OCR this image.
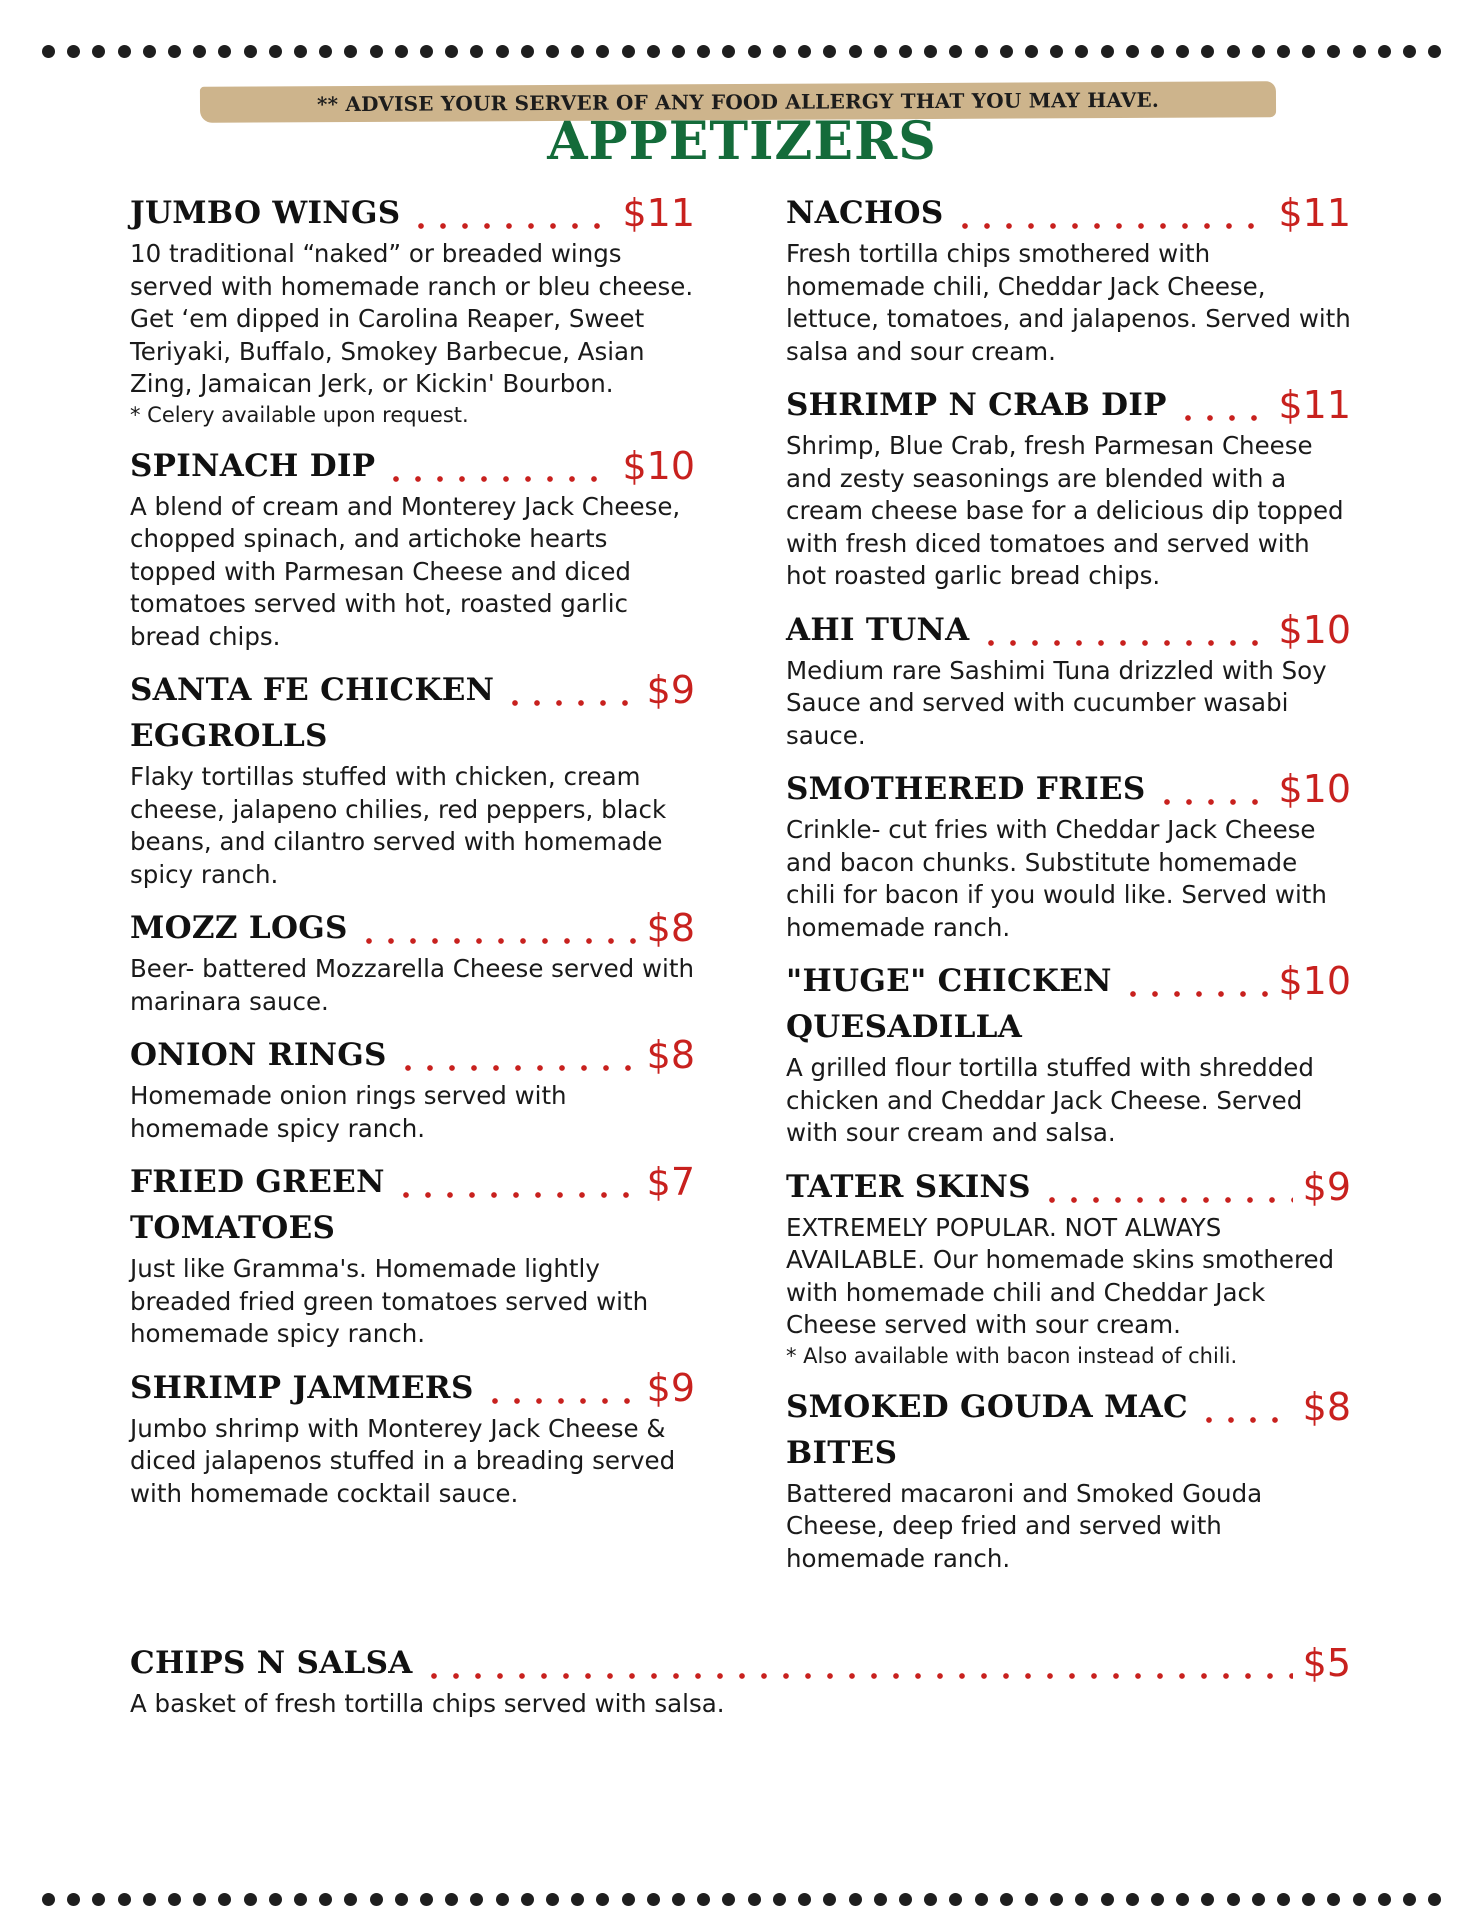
** ADVISE YOUR SERVER OF ANY FOOD ALLERGY THAT YOU MAY HAVE.
APPETIZERS
JUMBO WINGS	$11

10 traditional “naked” or breaded wings served with homemade ranch or bleu cheese. Get ‘em dipped in Carolina Reaper, Sweet Teriyaki, Buffalo, Smokey Barbecue, Asian Zing, Jamaican Jerk, or Kickin' Bourbon.

* Celery available upon request.

SPINACH DIP	$10

A blend of cream and Monterey Jack Cheese, chopped spinach, and artichoke hearts topped with Parmesan Cheese and diced tomatoes served with hot, roasted garlic bread chips.

SANTA FE CHICKEN	$9
EGGROLLS

Flaky tortillas stuffed with chicken, cream cheese, jalapeno chilies, red peppers, black beans, and cilantro served with homemade spicy ranch.

MOZZ LOGS	$8

Beer- battered Mozzarella Cheese served with marinara sauce.

ONION RINGS	$8

Homemade onion rings served with homemade spicy ranch.

FRIED GREEN	$7
TOMATOES

Just like Gramma's. Homemade lightly breaded fried green tomatoes served with homemade spicy ranch.

SHRIMP JAMMERS	$9

Jumbo shrimp with Monterey Jack Cheese & diced jalapenos stuffed in a breading served with homemade cocktail sauce.

NACHOS	$11

Fresh tortilla chips smothered with homemade chili, Cheddar Jack Cheese, lettuce, tomatoes, and jalapenos. Served with salsa and sour cream.

SHRIMP N CRAB DIP	$11

Shrimp, Blue Crab, fresh Parmesan Cheese and zesty seasonings are blended with a cream cheese base for a delicious dip topped with fresh diced tomatoes and served with hot roasted garlic bread chips.

AHI TUNA	$10

Medium rare Sashimi Tuna drizzled with Soy Sauce and served with cucumber wasabi sauce.

SMOTHERED FRIES	$10

Crinkle- cut fries with Cheddar Jack Cheese and bacon chunks. Substitute homemade chili for bacon if you would like. Served with homemade ranch.

"HUGE" CHICKEN	$10
QUESADILLA

A grilled flour tortilla stuffed with shredded chicken and Cheddar Jack Cheese. Served with sour cream and salsa.

TATER SKINS	$9

EXTREMELY POPULAR. NOT ALWAYS AVAILABLE. Our homemade skins smothered with homemade chili and Cheddar Jack Cheese served with sour cream.

* Also available with bacon instead of chili.

SMOKED GOUDA MAC	$8
BITES

Battered macaroni and Smoked Gouda Cheese, deep fried and served with homemade ranch.

CHIPS N SALSA	$5

A basket of fresh tortilla chips served with salsa.
